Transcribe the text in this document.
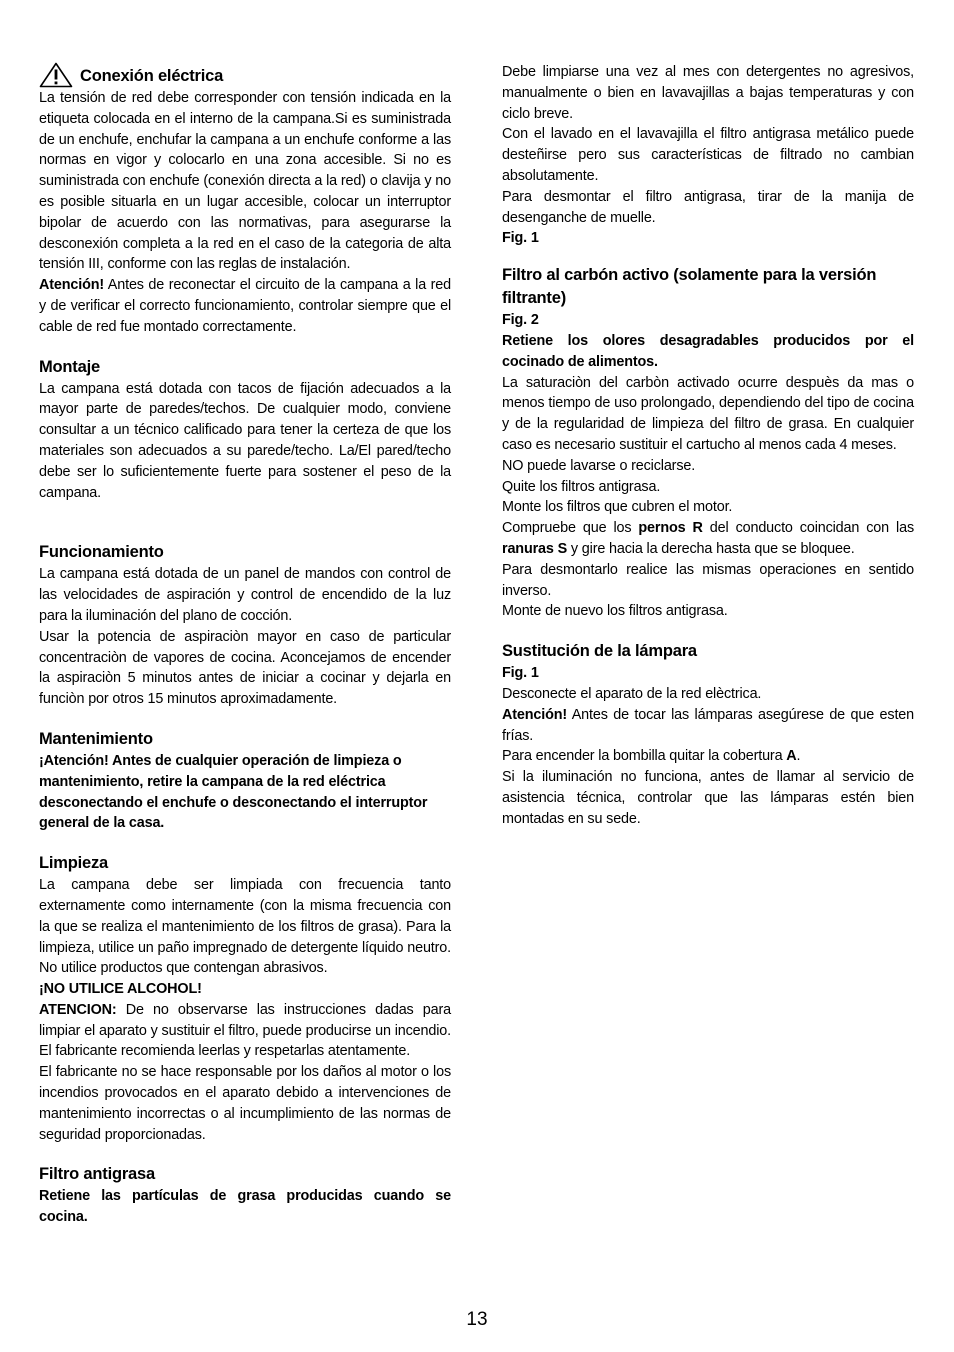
Conexión eléctrica

La tensión de red debe corresponder con tensión indicada en la etiqueta colocada en el interno de la campana.Si es suministrada de un enchufe, enchufar la campana a un enchufe conforme a las normas en vigor y colocarlo en una zona accesible. Si no es suministrada con enchufe (conexión directa a la red) o clavija y no es posible situarla en un lugar accesible, colocar un interruptor bipolar de acuerdo con las normativas, para asegurarse la desconexión completa a la red en el caso de la categoria de alta tensión III, conforme con las reglas de instalación.

Atención! Antes de reconectar el circuito de la campana a la red y de verificar el correcto funcionamiento, controlar siempre que el cable de red fue montado correctamente.

Montaje

La campana está dotada con tacos de fijación adecuados a la mayor parte de paredes/techos. De cualquier modo, conviene consultar a un técnico calificado para tener la certeza de que los materiales son adecuados a su parede/techo. La/El pared/techo debe ser lo suficientemente fuerte para sostener el peso de la campana.

Funcionamiento

La campana está dotada de un panel de mandos con control de las velocidades de aspiración y control de encendido de la luz para la iluminación del plano de cocción.

Usar la potencia de aspiraciòn mayor en caso de particular concentraciòn de vapores de cocina. Aconcejamos de encender la aspiraciòn 5 minutos antes de iniciar a cocinar y dejarla en funciòn por otros 15 minutos aproximadamente.

Mantenimiento

¡Atención! Antes de cualquier operación de limpieza o mantenimiento, retire la campana de la red eléctrica desconectando el enchufe o desconectando el interruptor general de la casa.

Limpieza

La campana debe ser limpiada con frecuencia tanto externamente como internamente (con la misma frecuencia con la que se realiza el mantenimiento de los filtros de grasa). Para la limpieza, utilice un paño impregnado de detergente líquido neutro. No utilice productos que contengan abrasivos.

¡NO UTILICE ALCOHOL!

ATENCION: De no observarse las instrucciones dadas para limpiar el aparato y sustituir el filtro, puede producirse un incendio. El fabricante recomienda leerlas y respetarlas atentamente.

El fabricante no se hace responsable por los daños al motor o los incendios provocados en el aparato debido a intervenciones de mantenimiento incorrectas o al incumplimiento de las normas de seguridad proporcionadas.

Filtro antigrasa

Retiene las partículas de grasa producidas cuando se cocina.

Debe limpiarse una vez al mes con detergentes no agresivos, manualmente o bien en lavavajillas a bajas temperaturas y con ciclo breve.

Con el lavado en el lavavajilla el filtro antigrasa metálico puede desteñirse pero sus características de filtrado no cambian absolutamente.

Para desmontar el filtro antigrasa, tirar de la manija de desenganche de muelle.

Fig. 1

Filtro al carbón activo (solamente para la versión filtrante)

Fig. 2

Retiene los olores desagradables producidos por el cocinado de alimentos.

La saturaciòn del carbòn activado ocurre despuès da mas o menos tiempo de uso prolongado, dependiendo del tipo de cocina y de la regularidad de limpieza del filtro de grasa. En cualquier caso es necesario sustituir el cartucho al menos cada 4 meses.

NO puede lavarse o reciclarse.

Quite los filtros antigrasa.

Monte los filtros que cubren el motor.

Compruebe que los pernos R del conducto coincidan con las ranuras S y gire hacia la derecha hasta que se bloquee.

Para desmontarlo realice las mismas operaciones en sentido inverso.

Monte de nuevo los filtros antigrasa.

Sustitución de la lámpara

Fig. 1

Desconecte el aparato de la red elèctrica.

Atención! Antes de tocar las lámparas asegúrese de que esten frías.

Para encender la bombilla quitar la cobertura A.

Si la iluminación no funciona, antes de llamar al servicio de asistencia técnica, controlar que las lámparas estén bien montadas en su sede.

13
